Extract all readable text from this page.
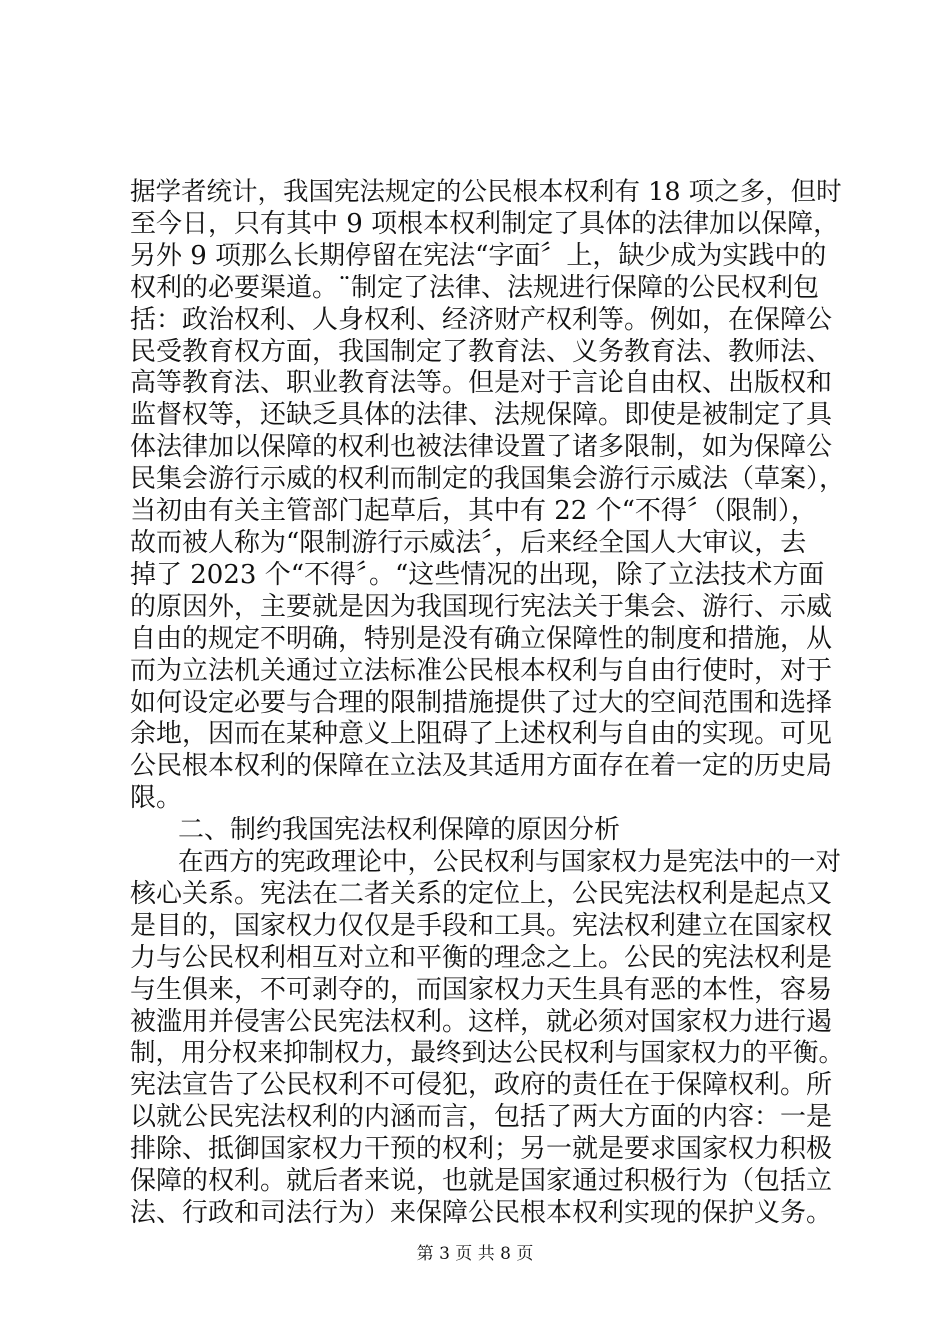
据学者统计，我国宪法规定的公民根本权利有 18 项之多，但时
至今日，只有其中 9 项根本权利制定了具体的法律加以保障，
另外 9 项那么长期停留在宪法“字面〞上，缺少成为实践中的
权利的必要渠道。¨制定了法律、法规进行保障的公民权利包
括：政治权利、人身权利、经济财产权利等。例如，在保障公
民受教育权方面，我国制定了教育法、义务教育法、教师法、
高等教育法、职业教育法等。但是对于言论自由权、出版权和
监督权等，还缺乏具体的法律、法规保障。即使是被制定了具
体法律加以保障的权利也被法律设置了诸多限制，如为保障公
民集会游行示威的权利而制定的我国集会游行示威法（草案），
当初由有关主管部门起草后，其中有 22 个“不得〞（限制），
故而被人称为“限制游行示威法〞，后来经全国人大审议，去
掉了 2023 个“不得〞。“这些情况的出现，除了立法技术方面
的原因外，主要就是因为我国现行宪法关于集会、游行、示威
自由的规定不明确，特别是没有确立保障性的制度和措施，从
而为立法机关通过立法标准公民根本权利与自由行使时，对于
如何设定必要与合理的限制措施提供了过大的空间范围和选择
余地，因而在某种意义上阻碍了上述权利与自由的实现。可见
公民根本权利的保障在立法及其适用方面存在着一定的历史局
限。
二、制约我国宪法权利保障的原因分析
在西方的宪政理论中，公民权利与国家权力是宪法中的一对
核心关系。宪法在二者关系的定位上，公民宪法权利是起点又
是目的，国家权力仅仅是手段和工具。宪法权利建立在国家权
力与公民权利相互对立和平衡的理念之上。公民的宪法权利是
与生俱来，不可剥夺的，而国家权力天生具有恶的本性，容易
被滥用并侵害公民宪法权利。这样，就必须对国家权力进行遏
制，用分权来抑制权力，最终到达公民权利与国家权力的平衡。
宪法宣告了公民权利不可侵犯，政府的责任在于保障权利。所
以就公民宪法权利的内涵而言，包括了两大方面的内容：一是
排除、抵御国家权力干预的权利；另一就是要求国家权力积极
保障的权利。就后者来说，也就是国家通过积极行为（包括立
法、行政和司法行为）来保障公民根本权利实现的保护义务。
第 3 页 共 8 页
